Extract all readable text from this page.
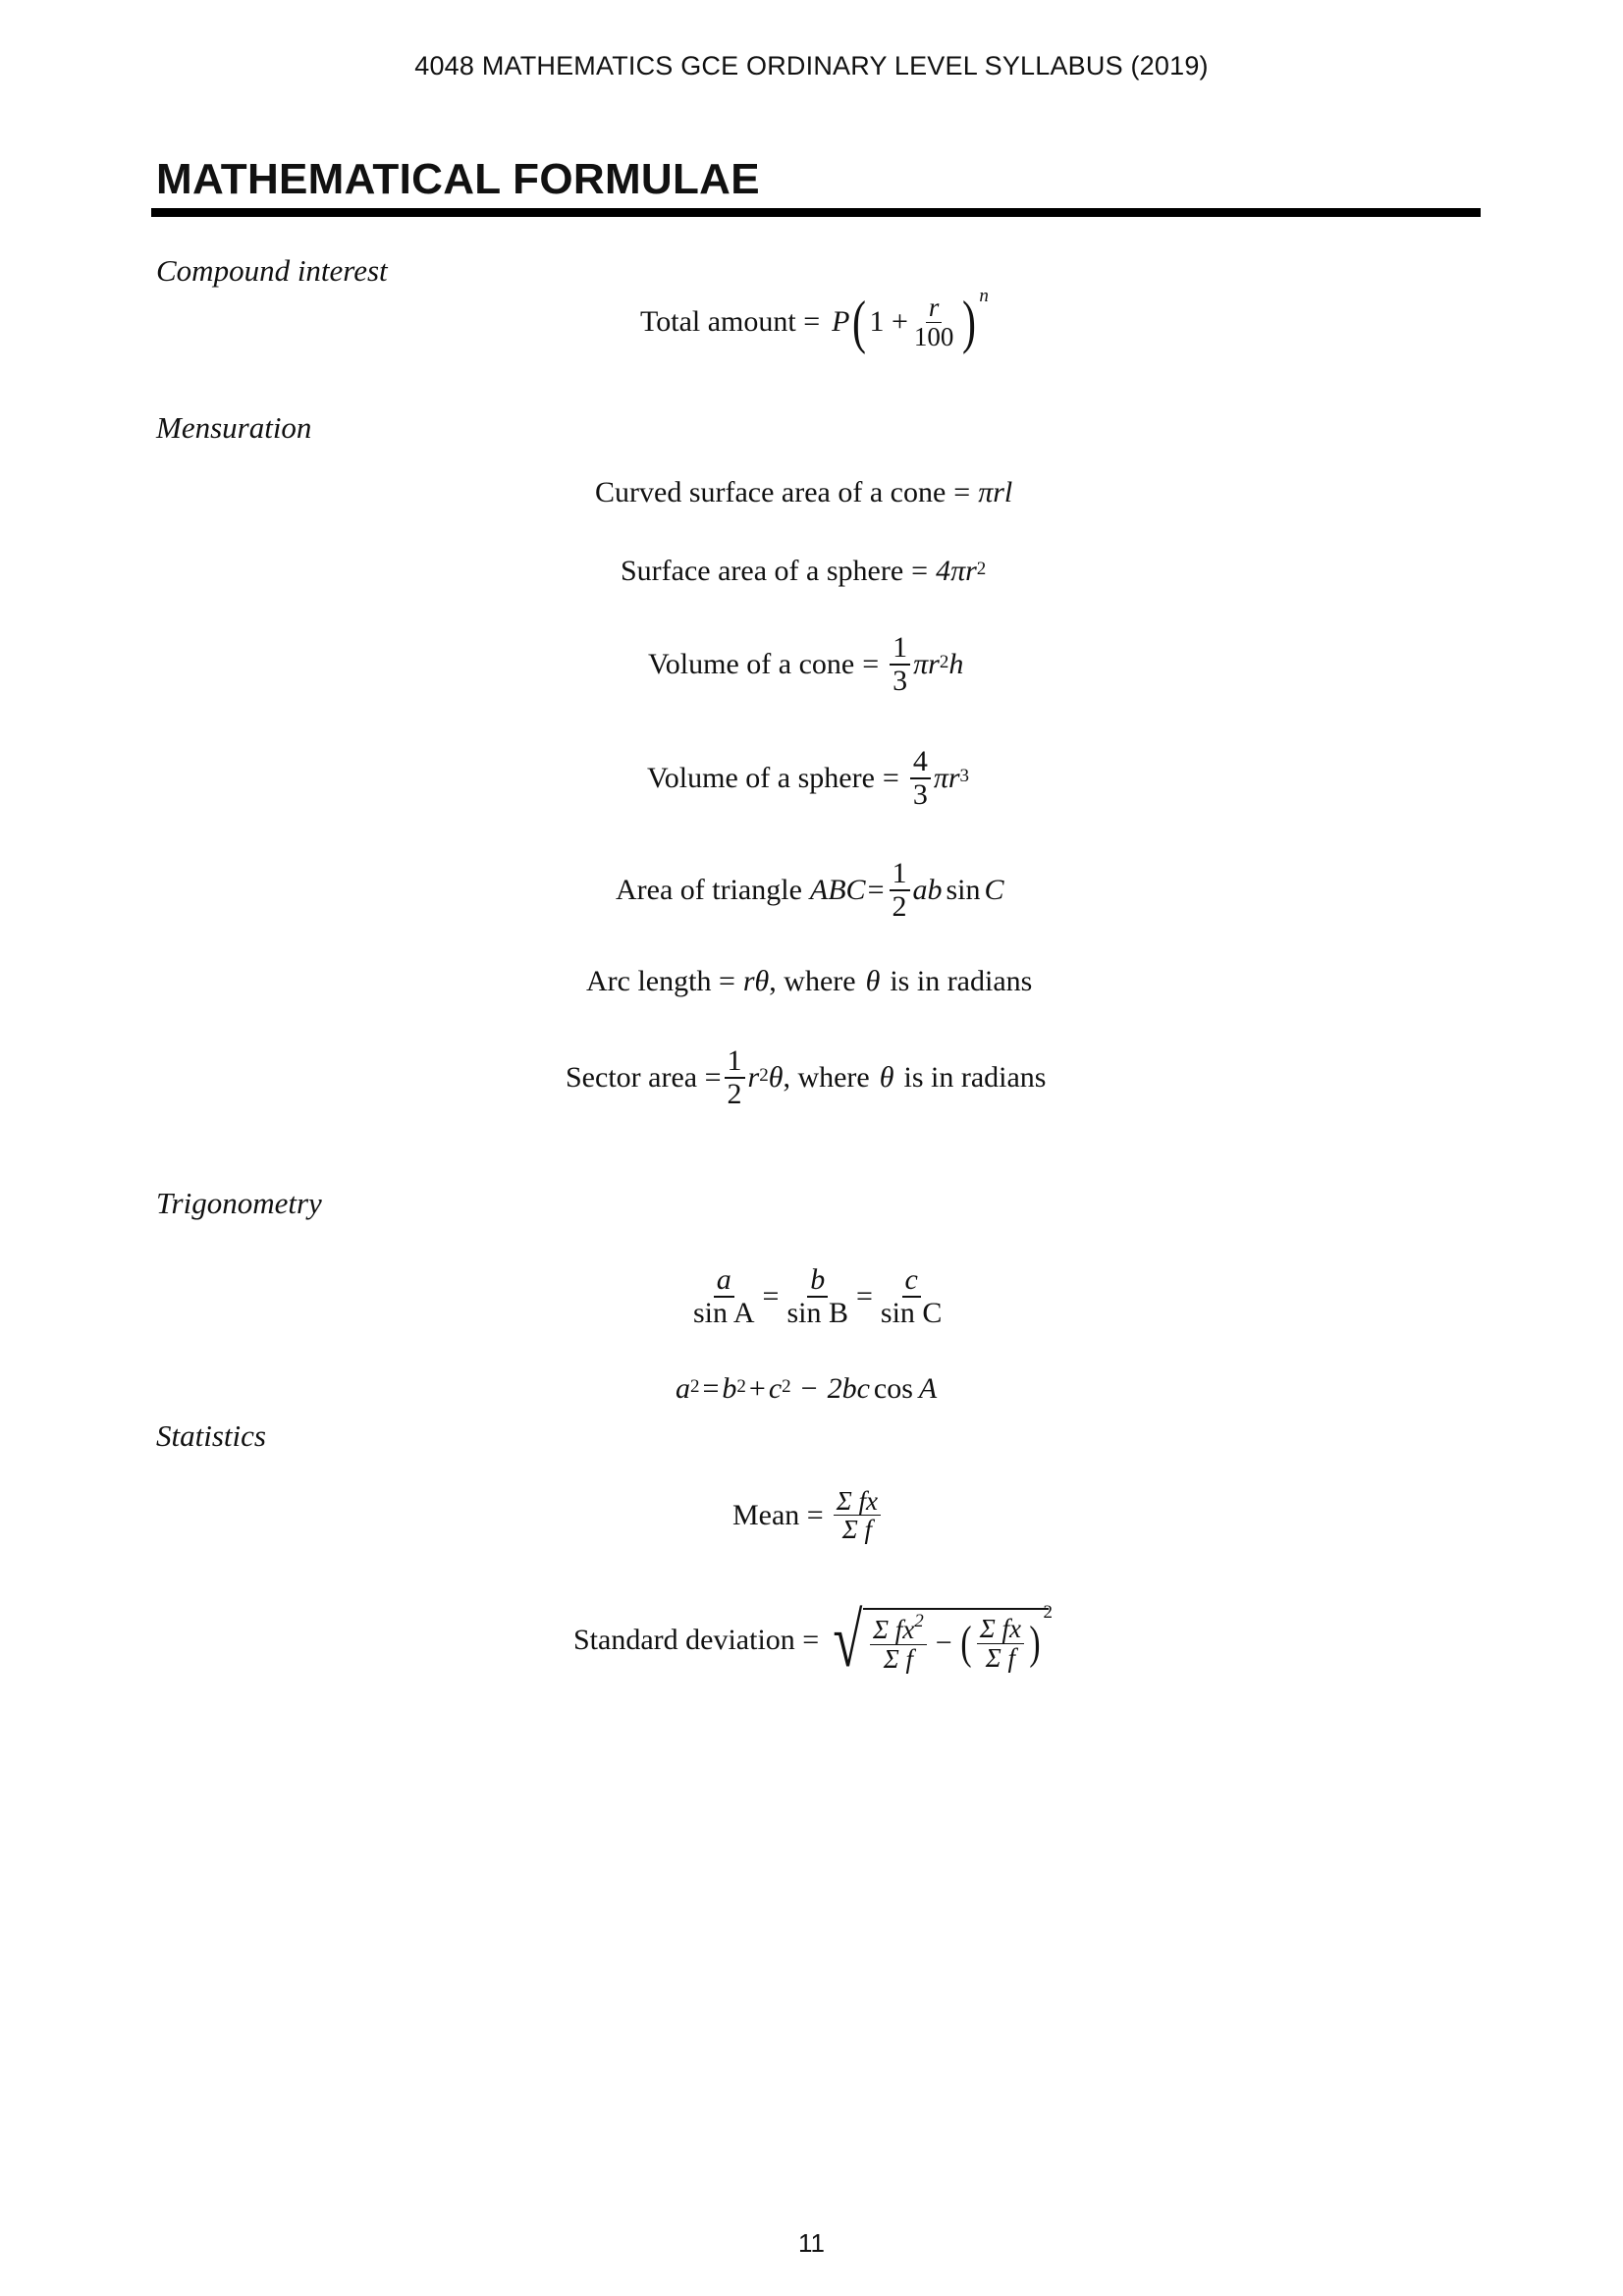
4048 MATHEMATICS GCE ORDINARY LEVEL SYLLABUS (2019)
MATHEMATICAL FORMULAE
Compound interest
Mensuration
Trigonometry
Statistics
Total amount = P ( $1 + \frac{r}{100} )^n$
Curved surface area of a cone = πrl
Surface area of a sphere = $4\pi r^2$
Volume of a cone = $\frac{1}{3} \pi r^2$ h
Volume of a sphere = $\frac{4}{3} \pi r^3$
Area of triangle ABC = $\frac{1}{2}$ ab sin C
Arc length = rθ , where θ is in radians
Sector area = $\frac{1}{2} r^2$ θ , where θ is in radians
$\frac{a}{\text{sin A}} = \frac{b}{\text{sin B}} = \frac{c}{\text{sin C}}$
$a^2 = b^2 + c^2 - 2bc$ cos A
Mean = $\frac{\text{Σ fx}}{\text{Σ f}}$
Standard deviation = √ $\frac{\Sigma fx^2}{\text{Σ f}}$ − ( $\frac{\text{Σ fx}}{\text{Σ f}}$ )
$^2$
11
